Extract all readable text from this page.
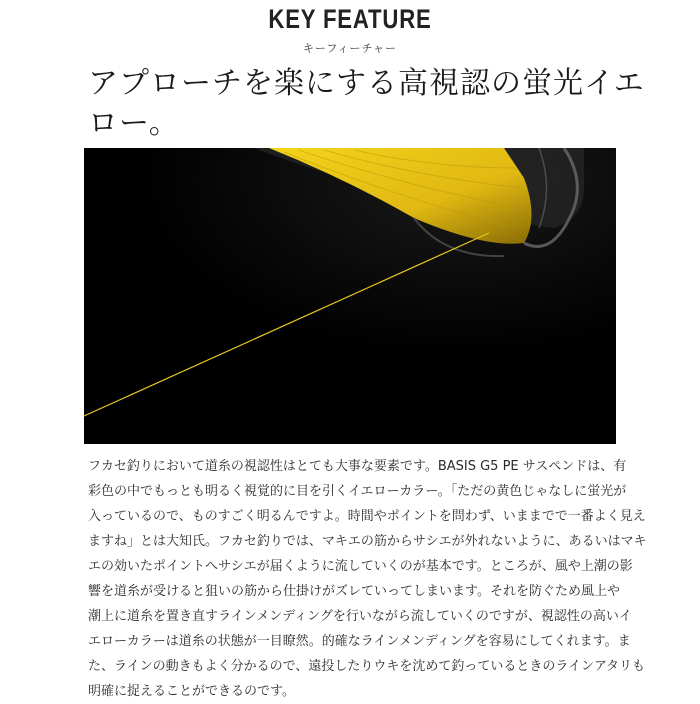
KEY FEATURE
キーフィーチャー
アプローチを楽にする高視認の蛍光イエ
ロー。

フカセ釣りにおいて道糸の視認性はとても大事な要素です。BASIS G5 PE サスペンドは、有

彩色の中でもっとも明るく視覚的に目を引くイエローカラー。「ただの黄色じゃなしに蛍光が

入っているので、ものすごく明るんですよ。時間やポイントを問わず、いままでで一番よく見え

ますね」とは大知氏。フカセ釣りでは、マキエの筋からサシエが外れないように、あるいはマキ

エの効いたポイントへサシエが届くように流していくのが基本です。ところが、風や上潮の影

響を道糸が受けると狙いの筋から仕掛けがズレていってしまいます。それを防ぐため風上や

潮上に道糸を置き直すラインメンディングを行いながら流していくのですが、視認性の高いイ

エローカラーは道糸の状態が一目瞭然。的確なラインメンディングを容易にしてくれます。ま

た、ラインの動きもよく分かるので、遠投したりウキを沈めて釣っているときのラインアタリも

明確に捉えることができるのです。
